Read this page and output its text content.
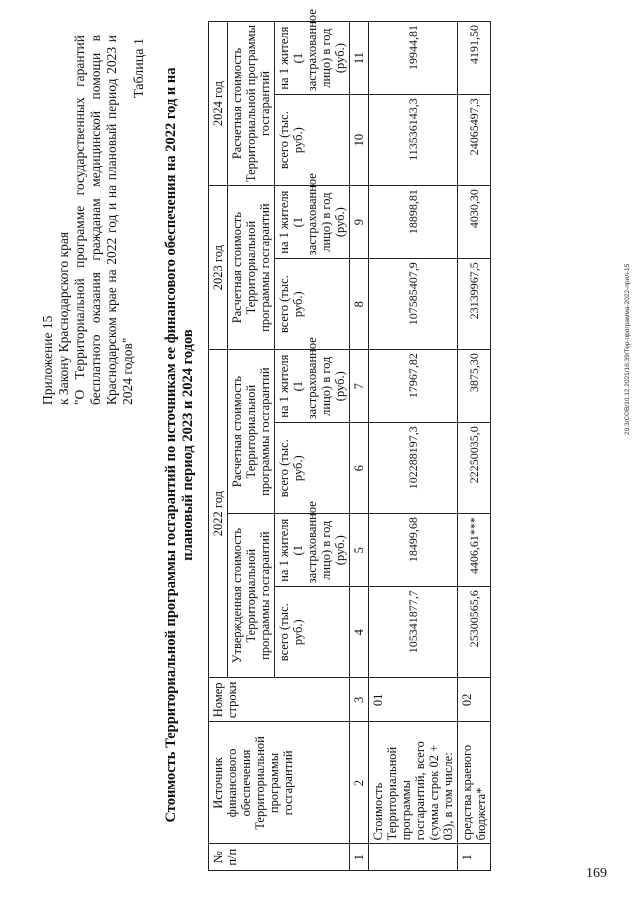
Приложение 15 к Закону Краснодарского края "О Территориальной программе государственных гарантий бесплатного оказания гражданам медицинской помощи в Краснодарском крае на 2022 год и на плановый период 2023 и 2024 годов"
Таблица 1 Стоимость Территориальной программы госгарантий по источникам ее финансового обеспечения на 2022 год и на плановый период 2023 и 2024 годов
№ п/п	Источник финансового обеспечения Территориальной программы госгарантий	Номер строки	2022 год				2023 год		2024 год	
			Утвержденная стоимость Территориальной программы госгарантий		Расчетная стоимость Территориальной программы госгарантий		Расчетная стоимость Территориальной программы госгарантий		Расчетная стоимость Территориальной программы госгарантий	
			всего (тыс. руб.)	на 1 жителя (1 застрахованное лицо) в год (руб.)	всего (тыс. руб.)	на 1 жителя (1 застрахованное лицо) в год (руб.)	всего (тыс. руб.)	на 1 жителя (1 застрахованное лицо) в год (руб.)	всего (тыс. руб.)	на 1 жителя (1 застрахованное лицо) в год (руб.)
1	2	3	4	5	6	7	8	9	10	11
	Стоимость Территориальной программы госгарантий, всего (сумма строк 02 + 03), в том числе:	01	105341877,7	18499,68	102288197,3	17967,82	107585407,9	18898,81	113536143,3	19944,81
1	средства краевого бюджета*	02	25300565,6	4406,61***	22250035,0	3875,30	23139967,5	4030,30	24065497,3	4191,50
20.3/СОВ/10.12.2021/16:39/Тер-программа-2022-прил-15
169
